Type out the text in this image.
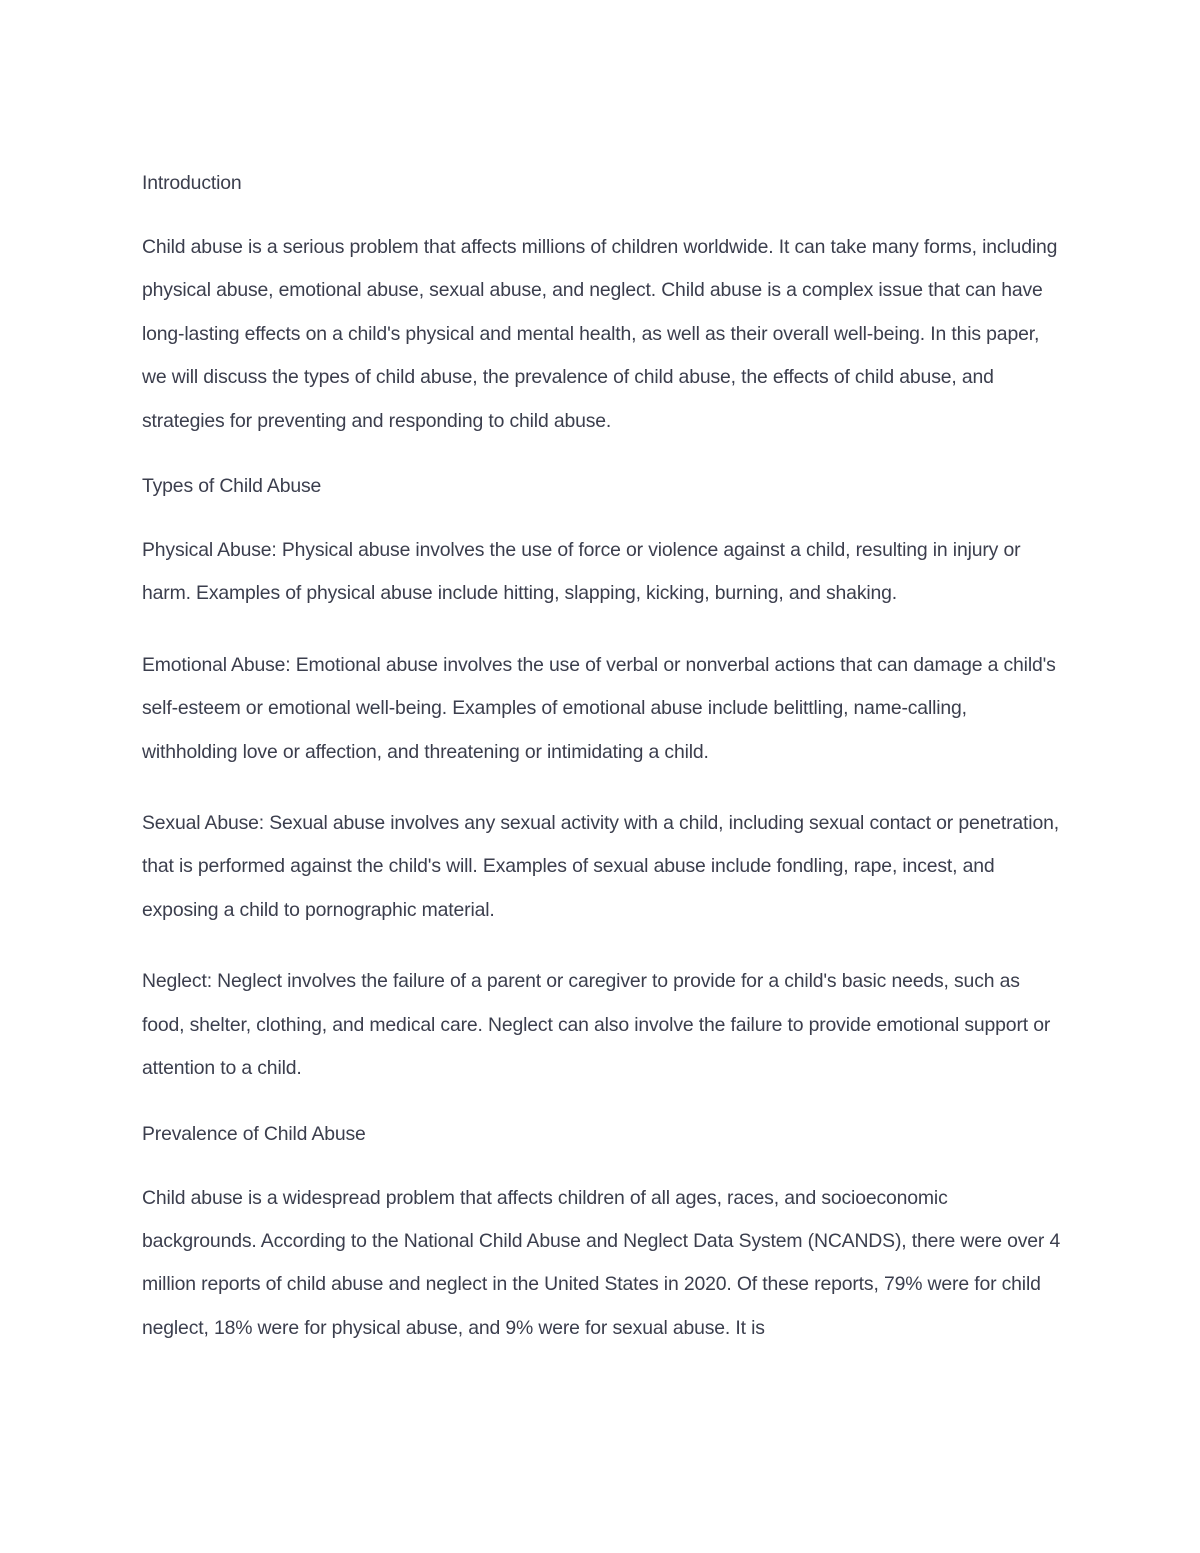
Introduction

Child abuse is a serious problem that affects millions of children worldwide. It can take many forms, including physical abuse, emotional abuse, sexual abuse, and neglect. Child abuse is a complex issue that can have long-lasting effects on a child's physical and mental health, as well as their overall well-being. In this paper, we will discuss the types of child abuse, the prevalence of child abuse, the effects of child abuse, and strategies for preventing and responding to child abuse.

Types of Child Abuse

Physical Abuse: Physical abuse involves the use of force or violence against a child, resulting in injury or harm. Examples of physical abuse include hitting, slapping, kicking, burning, and shaking.

Emotional Abuse: Emotional abuse involves the use of verbal or nonverbal actions that can damage a child's self-esteem or emotional well-being. Examples of emotional abuse include belittling, name-calling, withholding love or affection, and threatening or intimidating a child.

Sexual Abuse: Sexual abuse involves any sexual activity with a child, including sexual contact or penetration, that is performed against the child's will. Examples of sexual abuse include fondling, rape, incest, and exposing a child to pornographic material.

Neglect: Neglect involves the failure of a parent or caregiver to provide for a child's basic needs, such as food, shelter, clothing, and medical care. Neglect can also involve the failure to provide emotional support or attention to a child.

Prevalence of Child Abuse

Child abuse is a widespread problem that affects children of all ages, races, and socioeconomic backgrounds. According to the National Child Abuse and Neglect Data System (NCANDS), there were over 4 million reports of child abuse and neglect in the United States in 2020. Of these reports, 79% were for child neglect, 18% were for physical abuse, and 9% were for sexual abuse. It is
